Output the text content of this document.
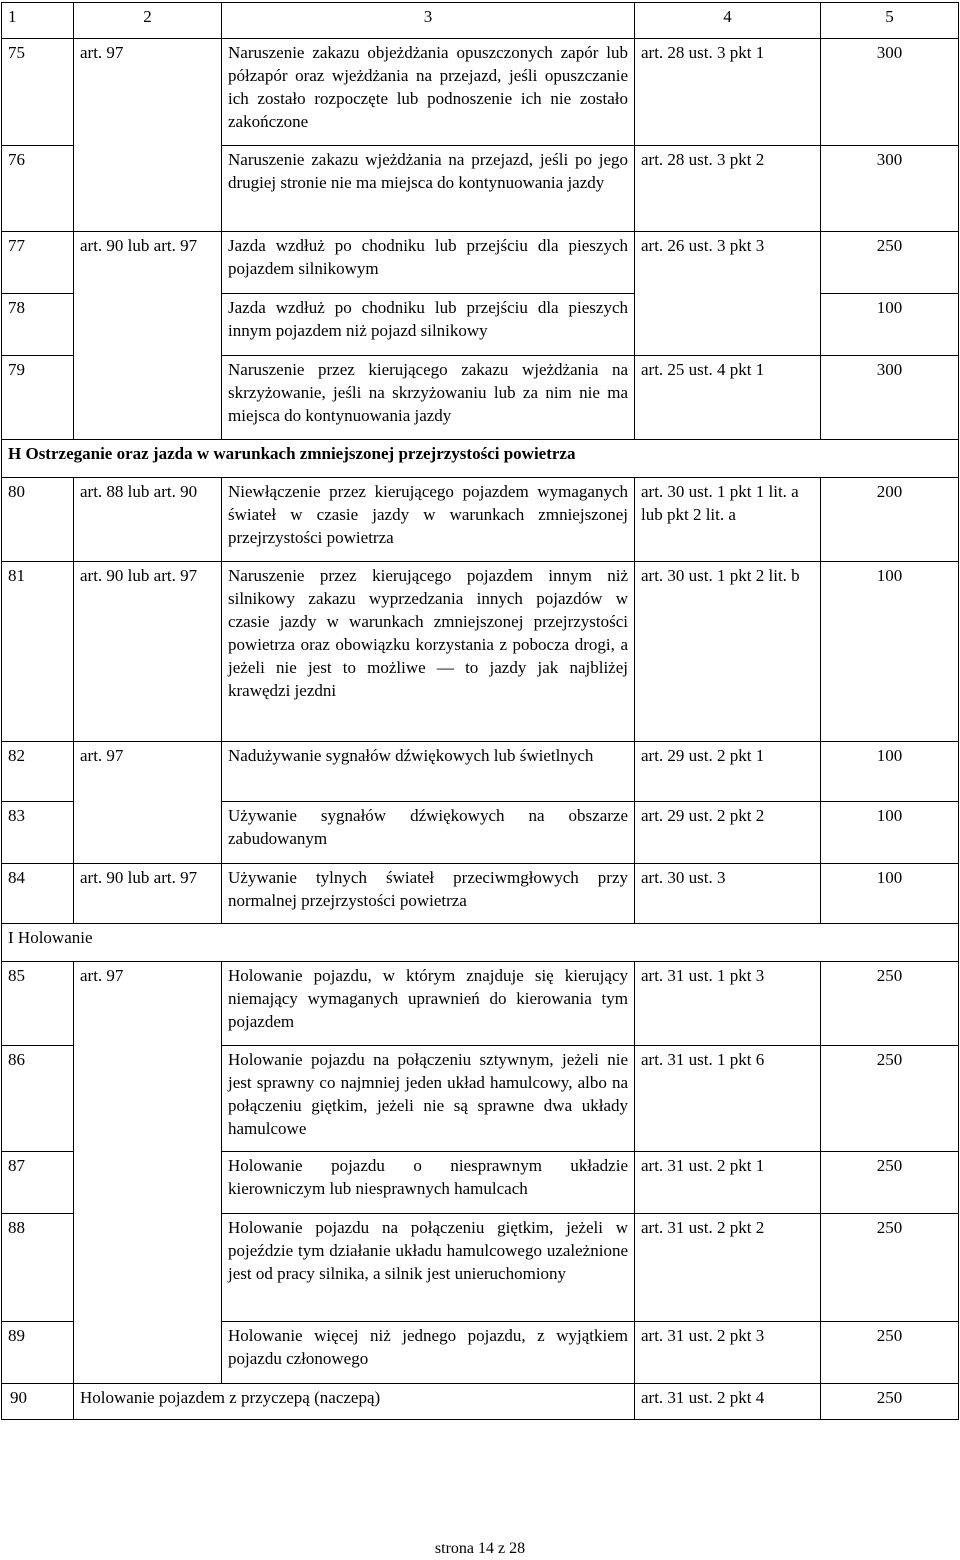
1	2	3	4	5
75	art. 97	Naruszenie zakazu objeżdżania opuszczonych zapór lub półzapór oraz wjeżdżania na przejazd, jeśli opuszczanie ich zostało rozpoczęte lub podnoszenie ich nie zostało zakończone	art. 28 ust. 3 pkt 1	300
76		Naruszenie zakazu wjeżdżania na przejazd, jeśli po jego drugiej stronie nie ma miejsca do kontynuowania jazdy	art. 28 ust. 3 pkt 2	300
77	art. 90 lub art. 97	Jazda wzdłuż po chodniku lub przejściu dla pieszych pojazdem silnikowym	art. 26 ust. 3 pkt 3	250
78		Jazda wzdłuż po chodniku lub przejściu dla pieszych innym pojazdem niż pojazd silnikowy		100
79		Naruszenie przez kierującego zakazu wjeżdżania na skrzyżowanie, jeśli na skrzyżowaniu lub za nim nie ma miejsca do kontynuowania jazdy	art. 25 ust. 4 pkt 1	300
H Ostrzeganie oraz jazda w warunkach zmniejszonej przejrzystości powietrza				
80	art. 88 lub art. 90	Niewłączenie przez kierującego pojazdem wymaganych świateł w czasie jazdy w warunkach zmniejszonej przejrzystości powietrza	art. 30 ust. 1 pkt 1 lit. a lub pkt 2 lit. a	200
81	art. 90 lub art. 97	Naruszenie przez kierującego pojazdem innym niż silnikowy zakazu wyprzedzania innych pojazdów w czasie jazdy w warunkach zmniejszonej przejrzystości powietrza oraz obowiązku korzystania z pobocza drogi, a jeżeli nie jest to możliwe — to jazdy jak najbliżej krawędzi jezdni	art. 30 ust. 1 pkt 2 lit. b	100
82	art. 97	Nadużywanie sygnałów dźwiękowych lub świetlnych	art. 29 ust. 2 pkt 1	100
83		Używanie sygnałów dźwiękowych na obszarze zabudowanym	art. 29 ust. 2 pkt 2	100
84	art. 90 lub art. 97	Używanie tylnych świateł przeciwmgłowych przy normalnej przejrzystości powietrza	art. 30 ust. 3	100
I Holowanie				
85	art. 97	Holowanie pojazdu, w którym znajduje się kierujący niemający wymaganych uprawnień do kierowania tym pojazdem	art. 31 ust. 1 pkt 3	250
86		Holowanie pojazdu na połączeniu sztywnym, jeżeli nie jest sprawny co najmniej jeden układ hamulcowy, albo na połączeniu giętkim, jeżeli nie są sprawne dwa układy hamulcowe	art. 31 ust. 1 pkt 6	250
87		Holowanie pojazdu o niesprawnym układzie kierowniczym lub niesprawnych hamulcach	art. 31 ust. 2 pkt 1	250
88		Holowanie pojazdu na połączeniu giętkim, jeżeli w pojeździe tym działanie układu hamulcowego uzależnione jest od pracy silnika, a silnik jest unieruchomiony	art. 31 ust. 2 pkt 2	250
89		Holowanie więcej niż jednego pojazdu, z wyjątkiem pojazdu członowego	art. 31 ust. 2 pkt 3	250
90	Holowanie pojazdem z przyczepą (naczepą)		art. 31 ust. 2 pkt 4	250
strona 14 z 28
